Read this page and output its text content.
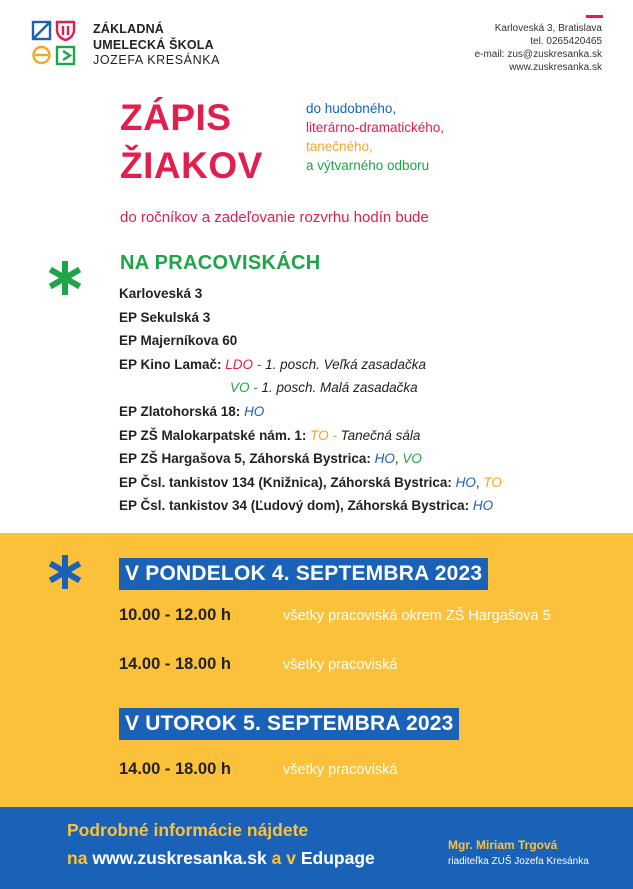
ZÁKLADNÁ
UMELECKÁ ŠKOLA
JOZEFA KRESÁNKA
Karloveská 3, Bratislava
tel. 0265420465
e-mail: zus@zuskresanka.sk
www.zuskresanka.sk
ZÁPIS
ŽIAKOV
do hudobného,
literárno-dramatického,
tanečného,
a výtvarného odboru
do ročníkov a zadeľovanie rozvrhu hodín bude
NA PRACOVISKÁCH
Karloveská 3
EP Sekulská 3
EP Majerníkova 60
EP Kino Lamač: LDO - 1. posch. Veľká zasadačka
VO - 1. posch. Malá zasadačka
EP Zlatohorská 18: HO
EP ZŠ Malokarpatské nám. 1: TO - Tanečná sála
EP ZŠ Hargašova 5, Záhorská Bystrica: HO, VO
EP Čsl. tankistov 134 (Knižnica), Záhorská Bystrica: HO, TO
EP Čsl. tankistov 34 (Ľudový dom), Záhorská Bystrica: HO
V PONDELOK 4. SEPTEMBRA 2023
10.00 - 12.00 h	všetky pracoviská okrem ZŠ Hargašova 5
14.00 - 18.00 h	všetky pracoviská
V UTOROK 5. SEPTEMBRA 2023
14.00 - 18.00 h	všetky pracoviská
Podrobné informácie nájdete
na www.zuskresanka.sk a v Edupage
Mgr. Miriam Trgová
riaditeľka ZUŠ Jozefa Kresánka
